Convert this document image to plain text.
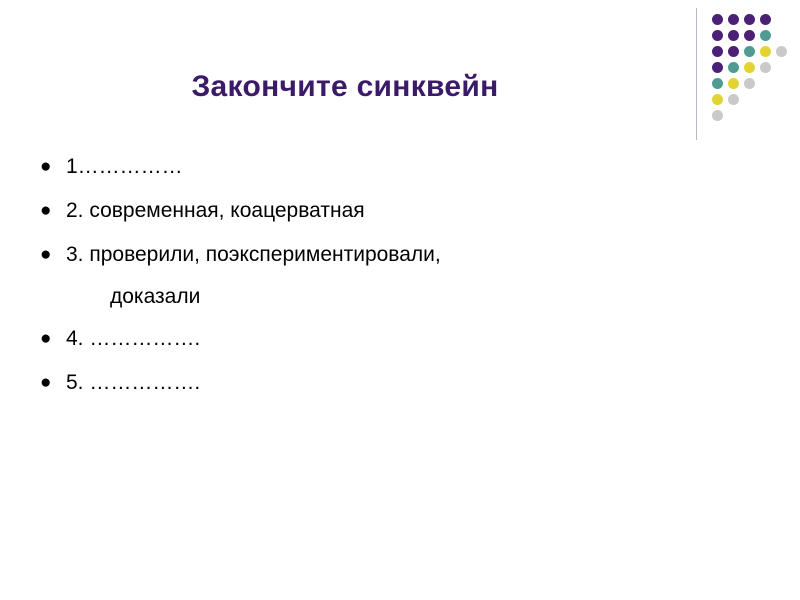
Закончите синквейн
● 1……………
● 2. современная, коацерватная
● 3. проверили, поэкспериментировали,
доказали
● 4. …………….
● 5. …………….
